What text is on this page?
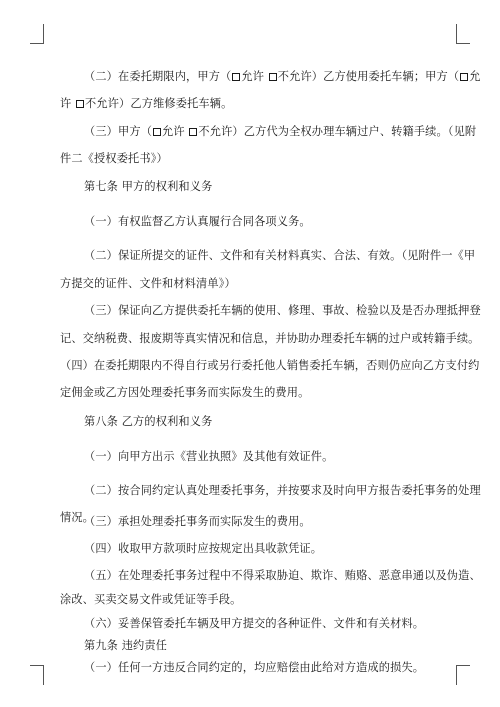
（二）在委托期限内，甲方（ 允许 不允许）乙方使用委托车辆；甲方（ 允
许 不允许）乙方维修委托车辆。
（三）甲方（ 允许 不允许）乙方代为全权办理车辆过户、转籍手续。（见附
件二《授权委托书》）
第七条 甲方的权利和义务
（一）有权监督乙方认真履行合同各项义务。
（二）保证所提交的证件、文件和有关材料真实、合法、有效。（见附件一《甲
方提交的证件、文件和材料清单》）
（三）保证向乙方提供委托车辆的使用、修理、事故、检验以及是否办理抵押登
记、交纳税费、报废期等真实情况和信息，并协助办理委托车辆的过户或转籍手续。
（四）在委托期限内不得自行或另行委托他人销售委托车辆，否则仍应向乙方支付约
定佣金或乙方因处理委托事务而实际发生的费用。
第八条 乙方的权利和义务
（一）向甲方出示《营业执照》及其他有效证件。
（二）按合同约定认真处理委托事务，并按要求及时向甲方报告委托事务的处理
情况。
（三）承担处理委托事务而实际发生的费用。
（四）收取甲方款项时应按规定出具收款凭证。
（五）在处理委托事务过程中不得采取胁迫、欺诈、贿赂、恶意串通以及伪造、
涂改、买卖交易文件或凭证等手段。
（六）妥善保管委托车辆及甲方提交的各种证件、文件和有关材料。
第九条 违约责任
（一）任何一方违反合同约定的，均应赔偿由此给对方造成的损失。
